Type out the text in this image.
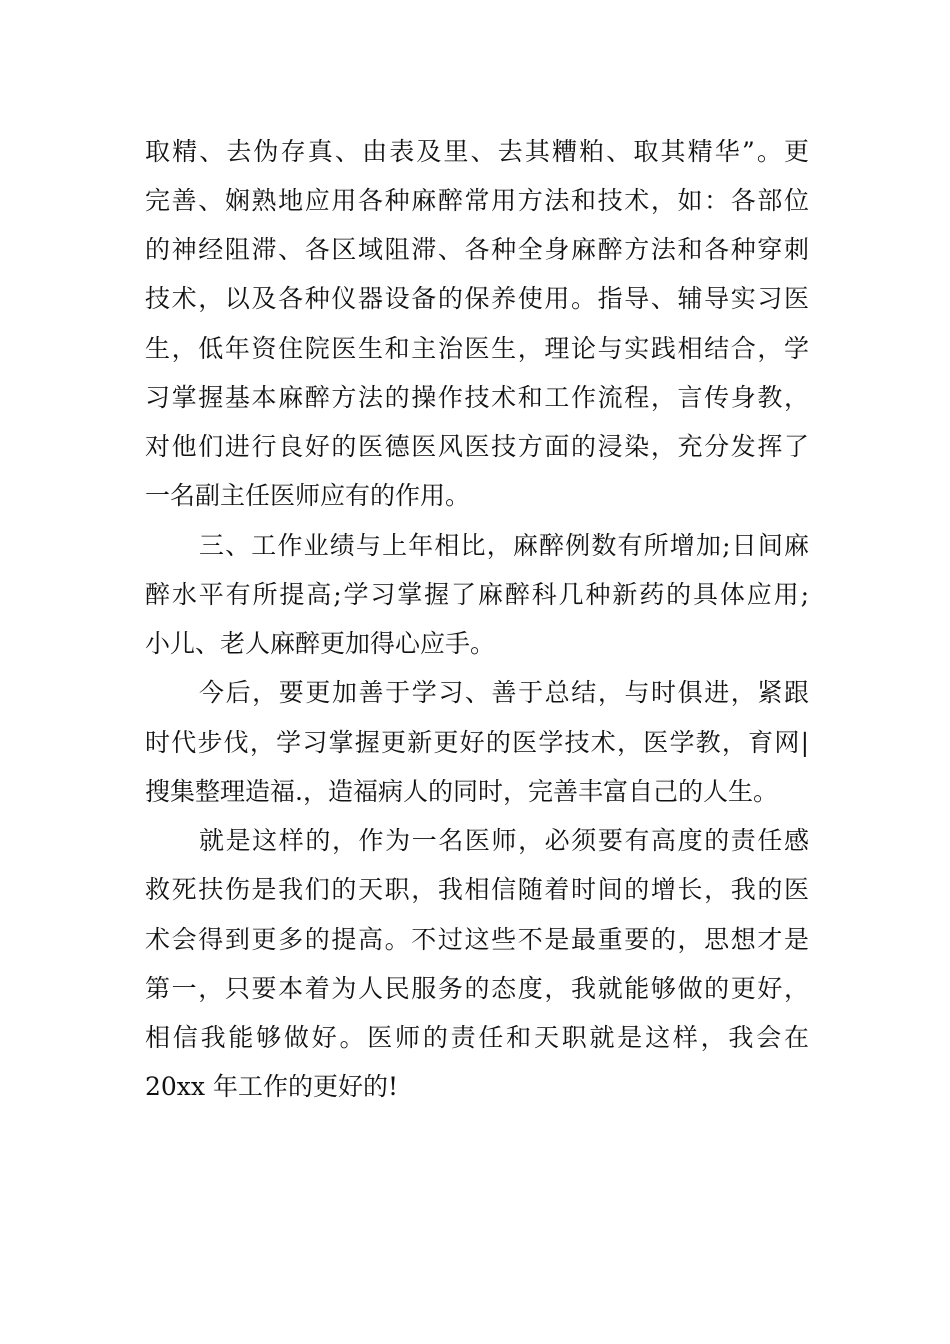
取精、去伪存真、由表及里、去其糟粕、取其精华”。更
完善、娴熟地应用各种麻醉常用方法和技术，如：各部位
的神经阻滞、各区域阻滞、各种全身麻醉方法和各种穿刺
技术，以及各种仪器设备的保养使用。指导、辅导实习医
生，低年资住院医生和主治医生，理论与实践相结合，学
习掌握基本麻醉方法的操作技术和工作流程，言传身教，
对他们进行良好的医德医风医技方面的浸染，充分发挥了
一名副主任医师应有的作用。
三、工作业绩与上年相比，麻醉例数有所增加;日间麻
醉水平有所提高;学习掌握了麻醉科几种新药的具体应用;
小儿、老人麻醉更加得心应手。
今后，要更加善于学习、善于总结，与时俱进，紧跟
时代步伐，学习掌握更新更好的医学技术，医学教，育网|
搜集整理造福.，造福病人的同时，完善丰富自己的人生。
就是这样的，作为一名医师，必须要有高度的责任感
救死扶伤是我们的天职，我相信随着时间的增长，我的医
术会得到更多的提高。不过这些不是最重要的，思想才是
第一，只要本着为人民服务的态度，我就能够做的更好，
相信我能够做好。医师的责任和天职就是这样，我会在
20xx 年工作的更好的!
